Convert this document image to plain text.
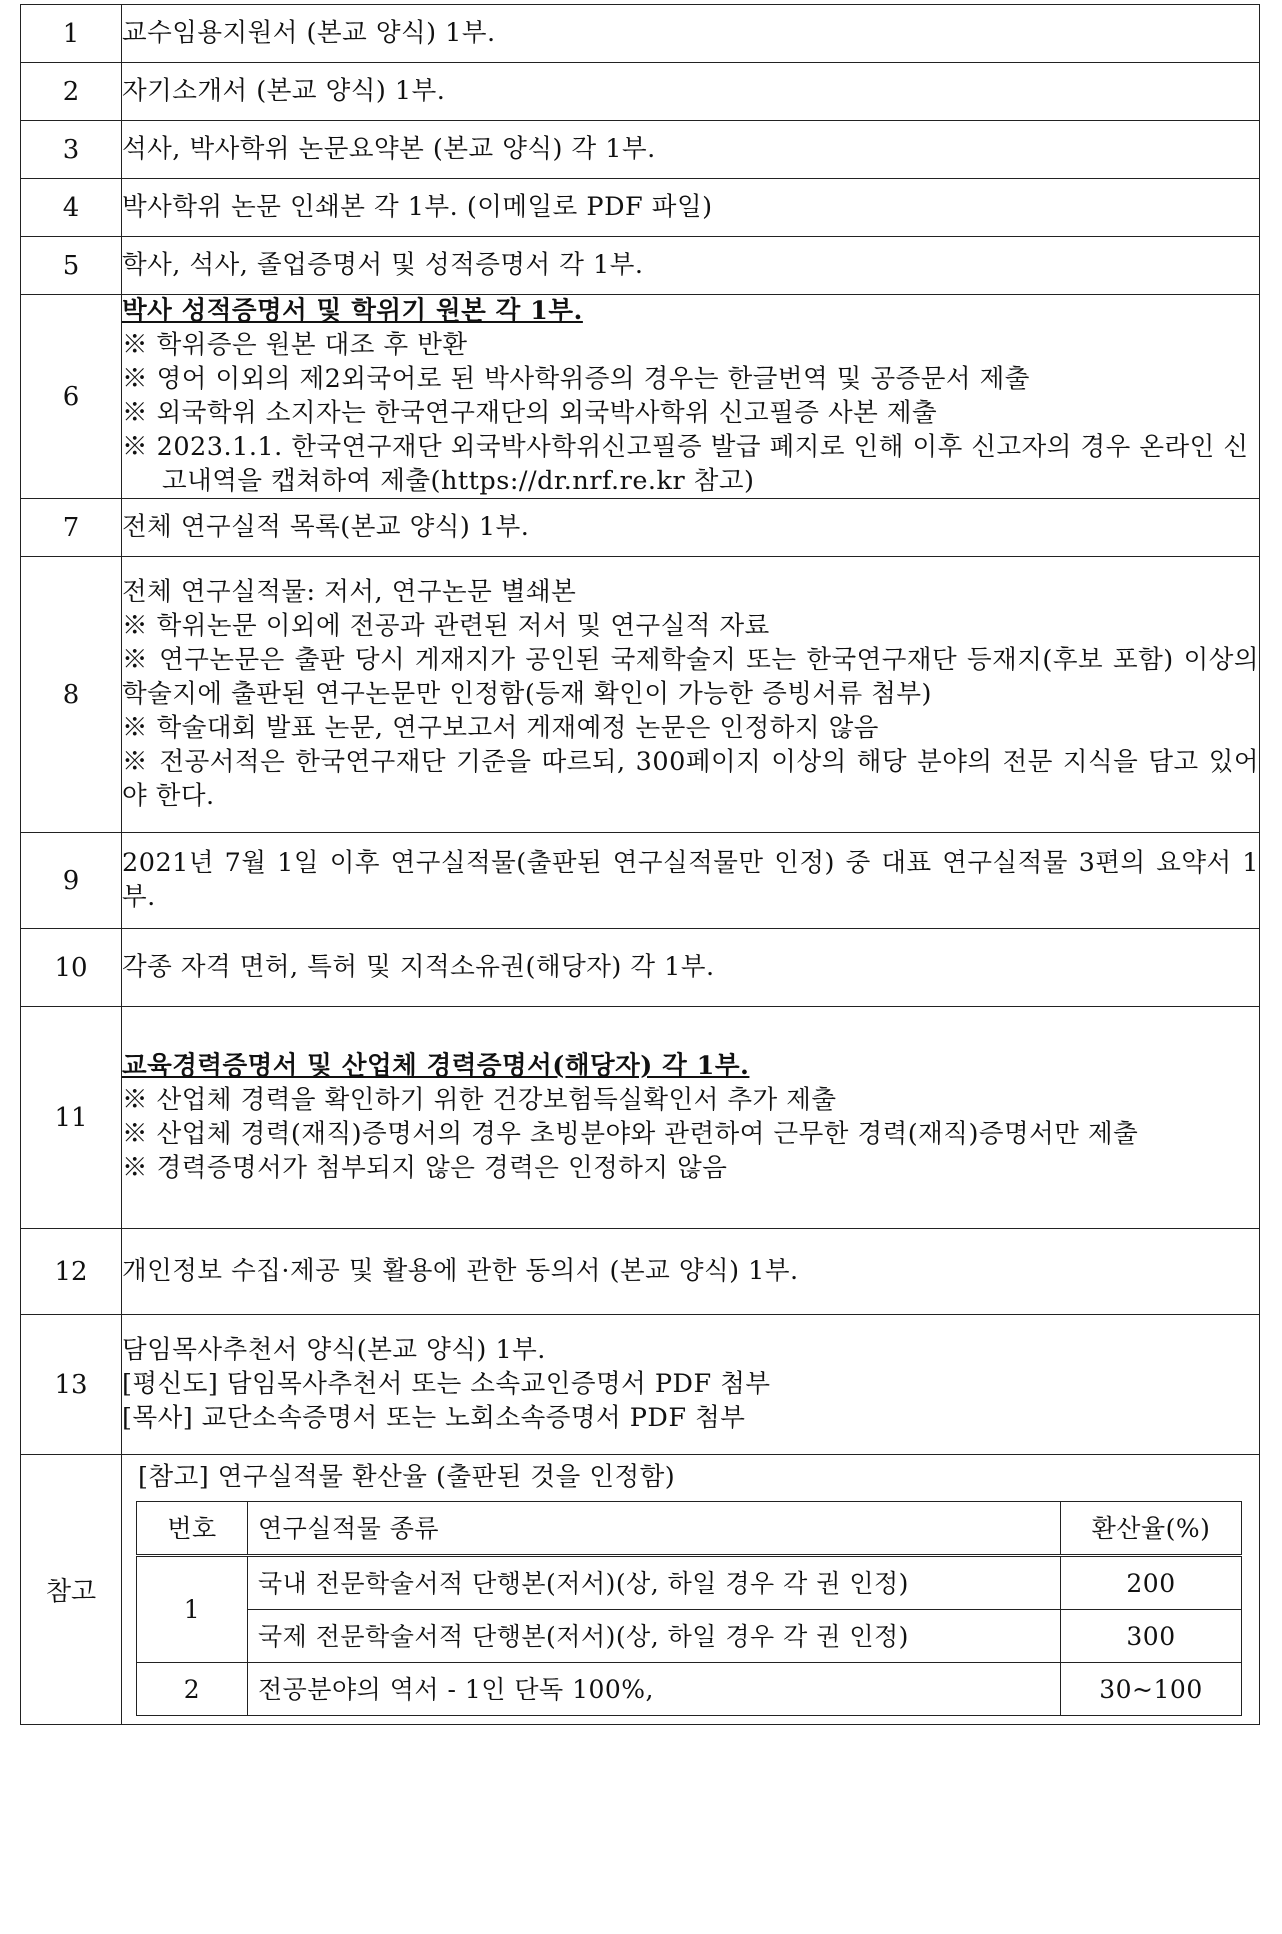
1	교수임용지원서 (본교 양식) 1부.

2	자기소개서 (본교 양식) 1부.

3	석사, 박사학위 논문요약본 (본교 양식) 각 1부.

4	박사학위 논문 인쇄본 각 1부. (이메일로 PDF 파일)

5	학사, 석사, 졸업증명서 및 성적증명서 각 1부.

6	
박사 성적증명서 및 학위기 원본 각 1부.
※ 학위증은 원본 대조 후 반환
※ 영어 이외의 제2외국어로 된 박사학위증의 경우는 한글번역 및 공증문서 제출
※ 외국학위 소지자는 한국연구재단의 외국박사학위 신고필증 사본 제출
※ 2023.1.1. 한국연구재단 외국박사학위신고필증 발급 폐지로 인해 이후 신고자의 경우 온라인 신고내역을 캡쳐하여 제출(https://dr.nrf.re.kr 참고)

7	전체 연구실적 목록(본교 양식) 1부.

8	
전체 연구실적물: 저서, 연구논문 별쇄본
※ 학위논문 이외에 전공과 관련된 저서 및 연구실적 자료
※ 연구논문은 출판 당시 게재지가 공인된 국제학술지 또는 한국연구재단 등재지(후보 포함) 이상의 학술지에 출판된 연구논문만 인정함(등재 확인이 가능한 증빙서류 첨부)
※ 학술대회 발표 논문, 연구보고서 게재예정 논문은 인정하지 않음
※ 전공서적은 한국연구재단 기준을 따르되, 300페이지 이상의 해당 분야의 전문 지식을 담고 있어야 한다.

9	
2021년 7월 1일 이후 연구실적물(출판된 연구실적물만 인정) 중 대표 연구실적물 3편의 요약서 1부.

10	각종 자격 면허, 특허 및 지적소유권(해당자) 각 1부.

11	
교육경력증명서 및 산업체 경력증명서(해당자) 각 1부.
※ 산업체 경력을 확인하기 위한 건강보험득실확인서 추가 제출
※ 산업체 경력(재직)증명서의 경우 초빙분야와 관련하여 근무한 경력(재직)증명서만 제출
※ 경력증명서가 첨부되지 않은 경력은 인정하지 않음

12	개인정보 수집·제공 및 활용에 관한 동의서 (본교 양식) 1부.

13	
담임목사추천서 양식(본교 양식) 1부.
[평신도] 담임목사추천서 또는 소속교인증명서 PDF 첨부
[목사] 교단소속증명서 또는 노회소속증명서 PDF 첨부

참고	
[참고] 연구실적물 환산율 (출판된 것을 인정함)
번호	연구실적물 종류	환산율(%)
1	국내 전문학술서적 단행본(저서)(상, 하일 경우 각 권 인정)	200
국제 전문학술서적 단행본(저서)(상, 하일 경우 각 권 인정)	300
2	전공분야의 역서 - 1인 단독 100%,	30~100
